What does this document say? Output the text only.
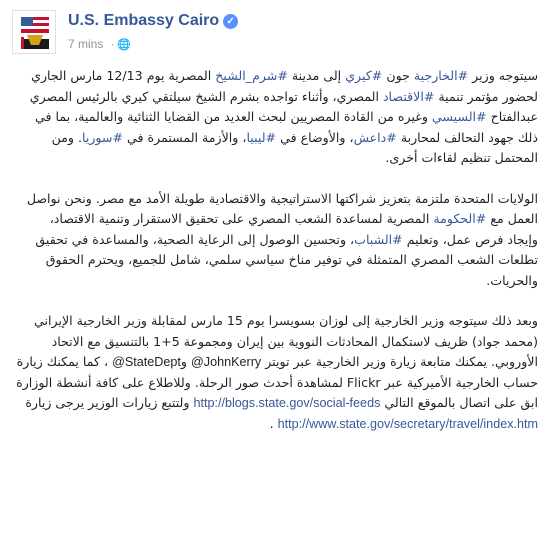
U.S. Embassy Cairo ✓
7 mins · 🌐

سيتوجه وزير #الخارجية جون #كيري إلى مدينة #شرم_الشيخ المصرية يوم 12/13 مارس الجاري لحضور مؤتمر تنمية #الاقتصاد المصري، وأثناء تواجده بشرم الشيخ سيلتقي كيري بالرئيس المصري عبدالفتاح #السيسي وغيره من القادة المصريين لبحث العديد من القضايا الثنائية والعالمية، بما في ذلك جهود التحالف لمحاربة #داعش، والأوضاع في #ليبيا، والأزمة المستمرة في #سوريا. ومن المحتمل تنظيم لقاءات أخرى.

الولايات المتحدة ملتزمة بتعزيز شراكتها الاستراتيجية والاقتصادية طويلة الأمد مع مصر. ونحن نواصل العمل مع #الحكومة المصرية لمساعدة الشعب المصري على تحقيق الاستقرار وتنمية الاقتصاد، وإيجاد فرص عمل، وتعليم #الشباب، وتحسين الوصول إلى الرعاية الصحية، والمساعدة في تحقيق تطلعات الشعب المصري المتمثلة في توفير مناخ سياسي سلمي، شامل للجميع، ويحترم الحقوق والحريات.

وبعد ذلك سيتوجه وزير الخارجية إلى لوزان بسويسرا يوم 15 مارس لمقابلة وزير الخارجية الإيراني (محمد جواد) ظريف لاستكمال المحادثات النووية بين إيران ومجموعة 5+1 بالتنسيق مع الاتحاد الأوروبي. يمكنك متابعة زيارة وزير الخارجية عبر تويتر @JohnKerry و@StateDept ، كما يمكنك زيارة حساب الخارجية الأميركية عبر Flickr لمشاهدة أحدث صور الرحلة. وللاطلاع على كافة أنشطة الوزارة ابق على اتصال بالموقع التالي http://blogs.state.gov/social-feeds ولتتبع زيارات الوزير يرجى زيارة http://www.state.gov/secretary/travel/index.htm .
